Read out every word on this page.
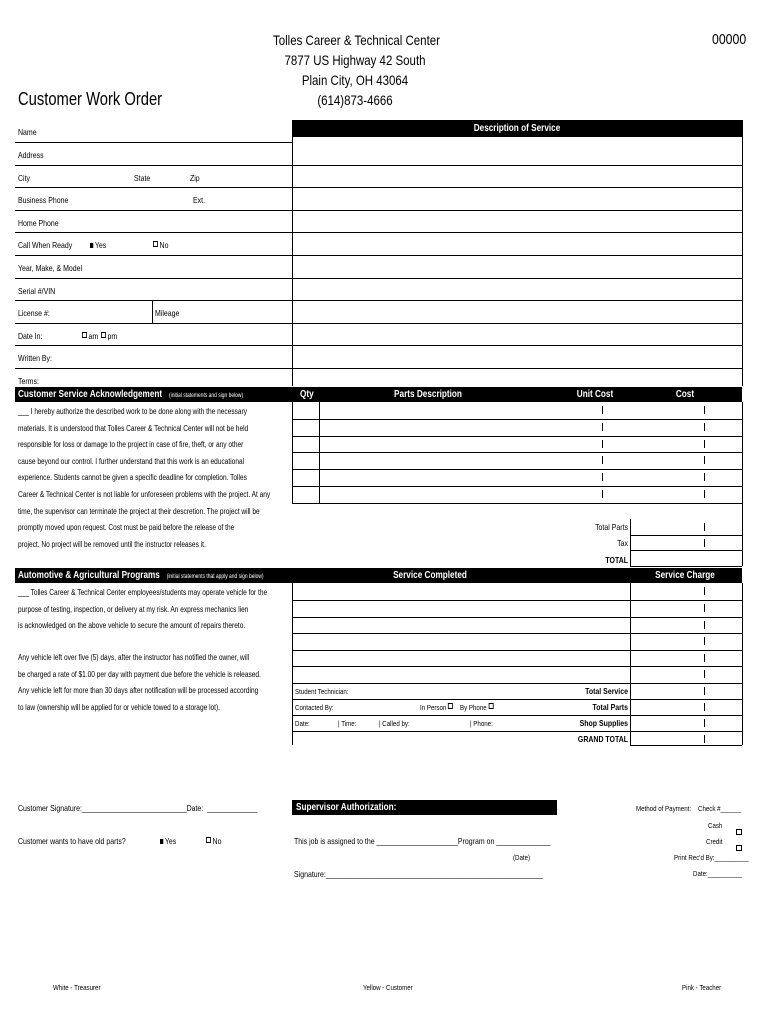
Tolles Career & Technical Center
7877 US Highway 42 South
Plain City, OH 43064
(614)873-4666
Customer Work Order
00000
Description of Service
Name
Address
City	State	Zip
Business Phone	Ext.
Home Phone
Call When Ready	Yes	No
Year, Make, & Model
Serial #/VIN
License #:	Mileage
Date In:	am	pm
Written By:
Terms:
Customer Service Acknowledgement (initial statements and sign below)	Qty	Parts Description	Unit Cost	Cost
___ I hereby authorize the described work to be done along with the necessary
materials. It is understood that Tolles Career & Technical Center will not be held
responsible for loss or damage to the project in case of fire, theft, or any other
cause beyond our control. I further understand that this work is an educational
experience. Students cannot be given a specific deadline for completion. Tolles
Career & Technical Center is not liable for unforeseen problems with the project. At any
time, the supervisor can terminate the project at their descretion. The project will be
promptly moved upon request. Cost must be paid before the release of the
project. No project will be removed until the instructor releases it.
Total Parts
Tax
TOTAL
Automotive & Agricultural Programs (initial statements that apply and sign below)	Service Completed	Service Charge
___ Tolles Career & Technical Center employees/students may operate vehicle for the
purpose of testing, inspection, or delivery at my risk. An express mechanics lien
is acknowledged on the above vehicle to secure the amount of repairs thereto.
Any vehicle left over five (5) days, after the instructor has notified the owner, will
be charged a rate of $1.00 per day with payment due before the vehicle is released.
Any vehicle left for more than 30 days after notification will be processed according
to law (ownership will be applied for or vehicle towed to a storage lot).
Student Technician:
Contacted By:	In Person	By Phone
Date:	| Time:	| Called by:	| Phone:
Total Service
Total Parts
Shop Supplies
GRAND TOTAL
Customer Signature:___________________________Date: _____________
Customer wants to have old parts?	Yes	No
Supervisor Authorization:
This job is assigned to the _____________________Program on ______________
(Date)
Signature:________________________________________________________
Method of Payment: Check #______
Cash
Credit
Print Rec'd By:__________
Date:__________
White - Treasurer	Yellow - Customer	Pink - Teacher
